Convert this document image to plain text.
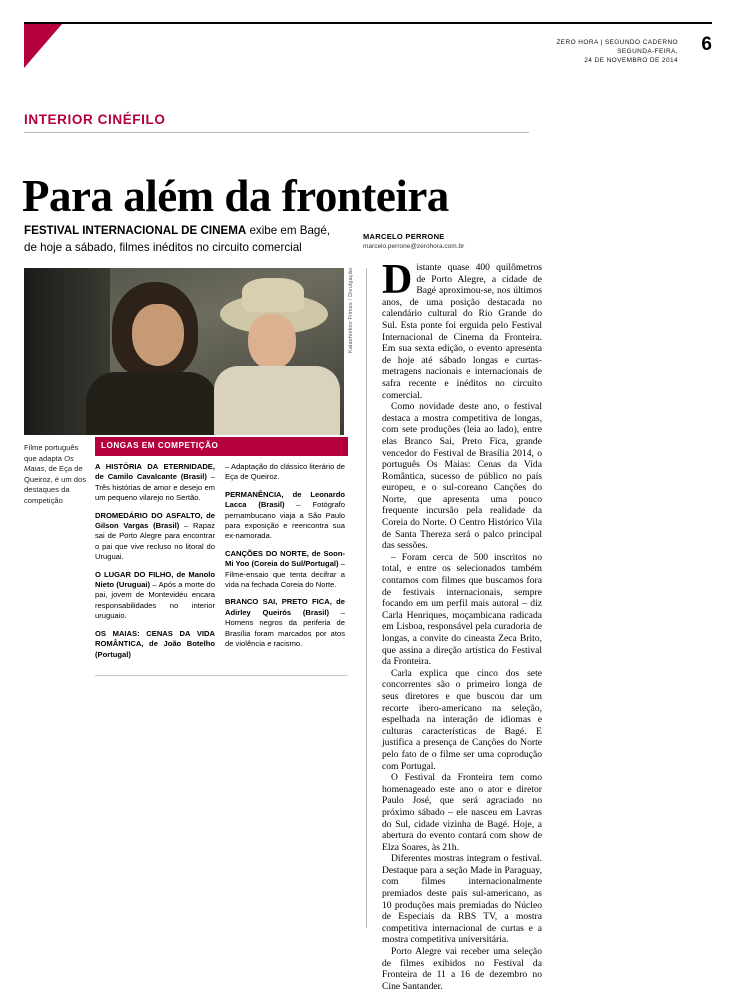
ZERO HORA | SEGUNDO CADERNO
SEGUNDA-FEIRA,
24 DE NOVEMBRO DE 2014
6
INTERIOR CINÉFILO
Para além da fronteira
FESTIVAL INTERNACIONAL DE CINEMA exibe em Bagé, de hoje a sábado, filmes inéditos no circuito comercial
MARCELO PERRONE
marcelo.perrone@zerohora.com.br
Kalashnikov Filmes / Divulgação
Filme português que adapta Os Maias, de Eça de Queiroz, é um dos destaques da competição
LONGAS EM COMPETIÇÃO

A HISTÓRIA DA ETERNIDADE, de Camilo Cavalcante (Brasil) – Três histórias de amor e desejo em um pequeno vilarejo no Sertão.

DROMEDÁRIO DO ASFALTO, de Gilson Vargas (Brasil) – Rapaz sai de Porto Alegre para encontrar o pai que vive recluso no litoral do Uruguai.

O LUGAR DO FILHO, de Manolo Nieto (Uruguai) – Após a morte do pai, jovem de Montevidéu encara responsabilidades no interior uruguaio.

OS MAIAS: CENAS DA VIDA ROMÂNTICA, de João Botelho (Portugal)

– Adaptação do clássico literário de Eça de Queiroz.

PERMANÊNCIA, de Leonardo Lacca (Brasil) – Fotógrafo pernambucano viaja a São Paulo para exposição e reencontra sua ex-namorada.

CANÇÕES DO NORTE, de Soon-Mi Yoo (Coreia do Sul/Portugal) – Filme-ensaio que tenta decifrar a vida na fechada Coreia do Norte.

BRANCO SAI, PRETO FICA, de Adirley Queirós (Brasil) – Homens negros da periferia de Brasília foram marcados por atos de violência e racismo.

Distante quase 400 quilômetros de Porto Alegre, a cidade de Bagé aproximou-se, nos últimos anos, de uma posição destacada no calendário cultural do Rio Grande do Sul. Esta ponte foi erguida pelo Festival Internacional de Cinema da Fronteira. Em sua sexta edição, o evento apresenta de hoje até sábado longas e curtas-metragens nacionais e internacionais de safra recente e inéditos no circuito comercial.

Como novidade deste ano, o festival destaca a mostra competitiva de longas, com sete produções (leia ao lado), entre elas Branco Sai, Preto Fica, grande vencedor do Festival de Brasília 2014, o português Os Maias: Cenas da Vida Romântica, sucesso de público no país europeu, e o sul-coreano Canções do Norte, que apresenta uma pouco frequente incursão pela realidade da Coreia do Norte. O Centro Histórico Vila de Santa Thereza será o palco principal das sessões.

– Foram cerca de 500 inscritos no total, e entre os selecionados também contamos com filmes que buscamos fora de festivais internacionais, sempre focando em um perfil mais autoral – diz Carla Henriques, moçambicana radicada em Lisboa, responsável pela curadoria de longas, a convite do cineasta Zeca Brito, que assina a direção artística do Festival da Fronteira.

Carla explica que cinco dos sete concorrentes são o primeiro longa de seus diretores e que buscou dar um recorte ibero-americano na seleção, espelhada na interação de idiomas e culturas características de Bagé. E justifica a presença de Canções do Norte pelo fato de o filme ser uma coprodução com Portugal.

O Festival da Fronteira tem como homenageado este ano o ator e diretor Paulo José, que será agraciado no próximo sábado – ele nasceu em Lavras do Sul, cidade vizinha de Bagé. Hoje, a abertura do evento contará com show de Elza Soares, às 21h.

Diferentes mostras integram o festival. Destaque para a seção Made in Paraguay, com filmes internacionalmente premiados deste país sul-americano, as 10 produções mais premiadas do Núcleo de Especiais da RBS TV, a mostra competitiva internacional de curtas e a mostra competitiva universitária.

Porto Alegre vai receber uma seleção de filmes exibidos no Festival da Fronteira de 11 a 16 de dezembro no Cine Santander.
